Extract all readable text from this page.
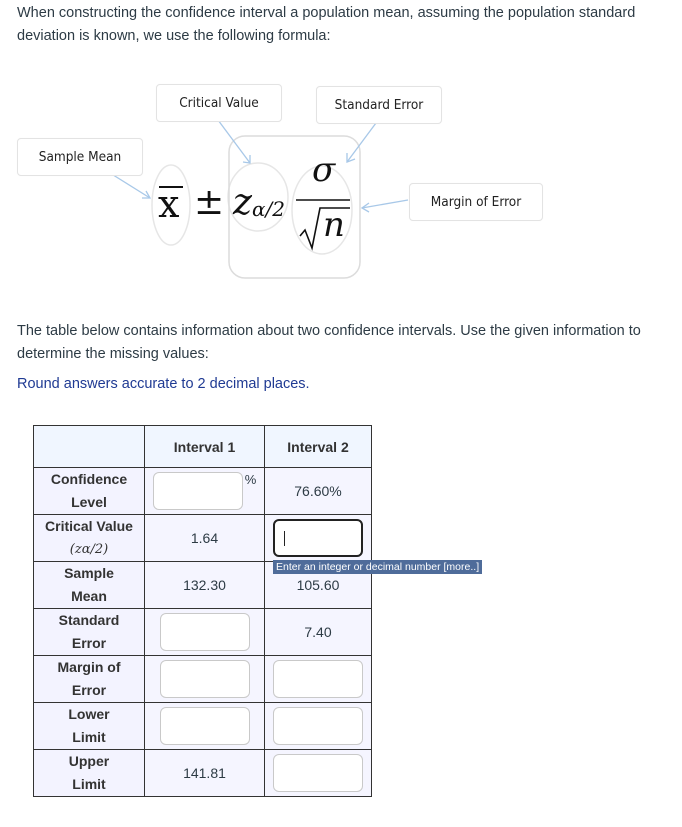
When constructing the confidence interval a population mean, assuming the population standard deviation is known, we use the following formula:
Sample Mean
Critical Value	Standard Error
Margin of Error
x ± z α/2
σ
n
The table below contains information about two confidence intervals. Use the given information to determine the missing values:
Round answers accurate to 2 decimal places.
	Interval 1	Interval 2

Confidence
Level	%	76.60%

Critical Value
(zα/2)	1.64	

Sample
Mean	132.30	105.60

Standard
Error		7.40

Margin of
Error		

Lower
Limit		

Upper
Limit	141.81	
Enter an integer or decimal number [more..]
